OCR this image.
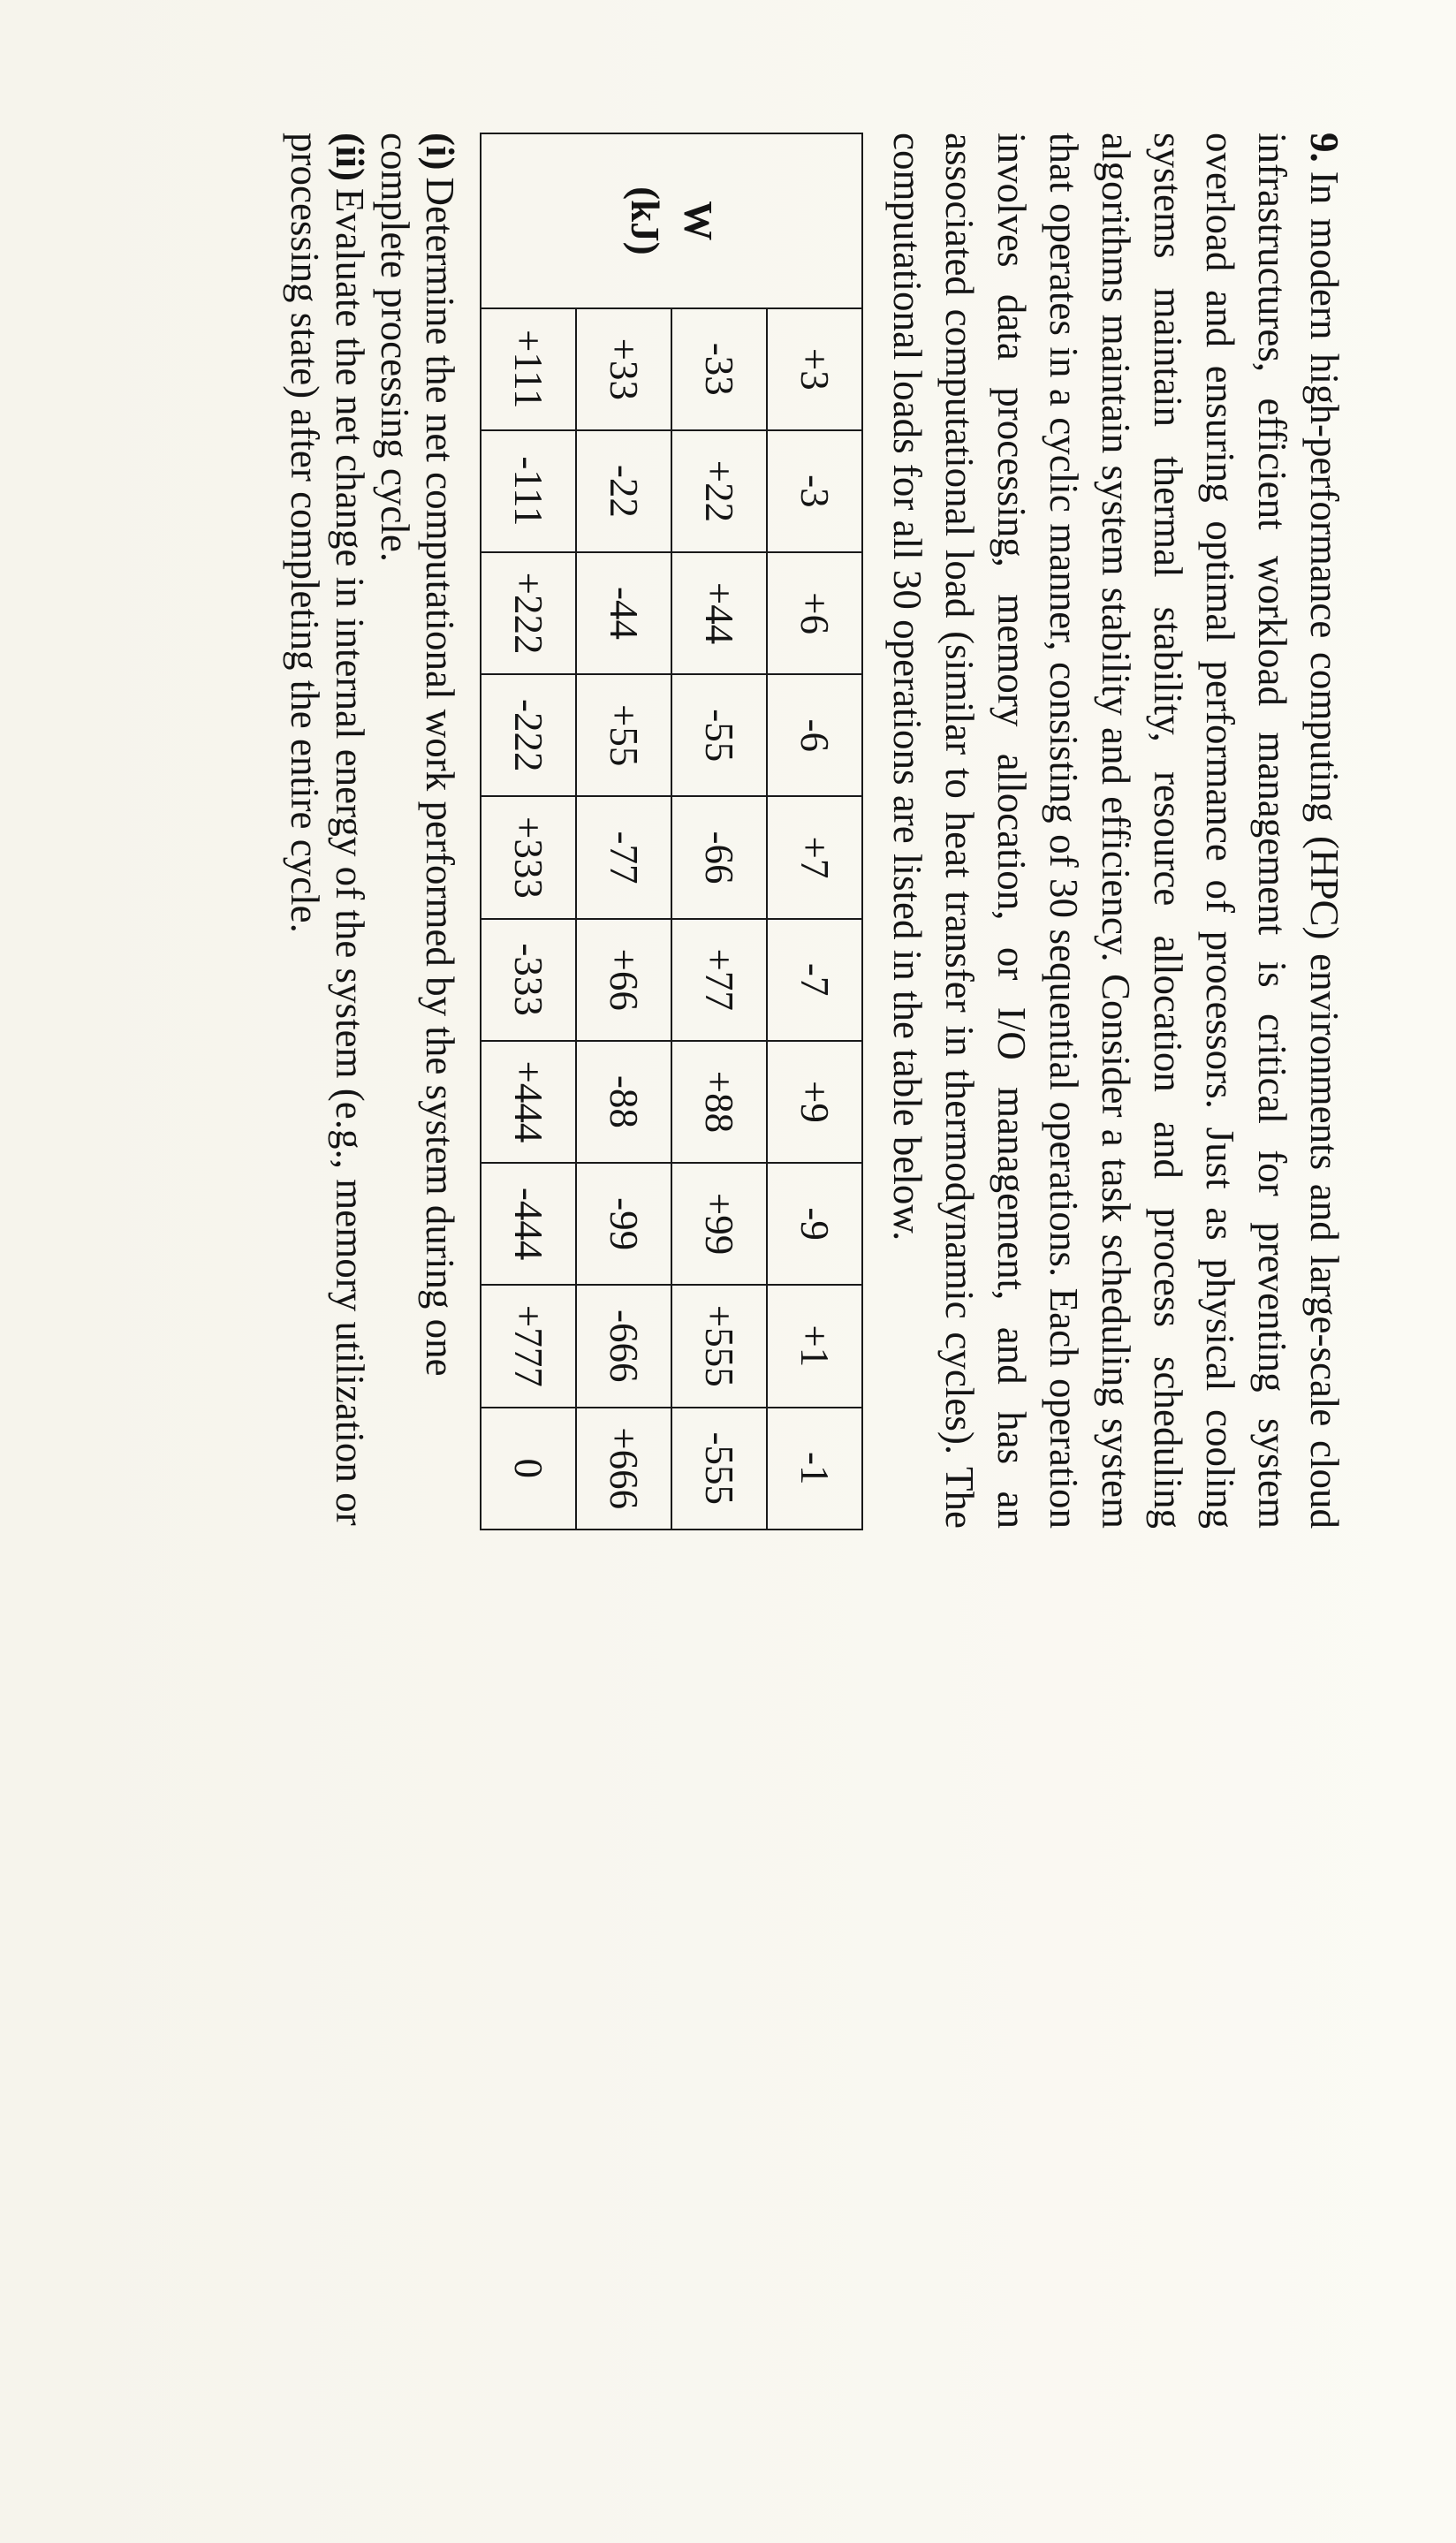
9.In modern high-performance computing (HPC) environments and large-scale cloud infrastructures, efficient workload management is critical for preventing system overload and ensuring optimal performance of processors. Just as physical cooling systems maintain thermal stability, resource allocation and process scheduling algorithms maintain system stability and efficiency. Consider a task scheduling system that operates in a cyclic manner, consisting of 30 sequential operations. Each operation involves data processing, memory allocation, or I/O management, and has an associated computational load (similar to heat transfer in thermodynamic cycles). The computational loads for all 30 operations are listed in the table below.

W
(kJ)	+3	-3	+6	-6	+7	-7	+9	-9	+1	-1
	-33	+22	+44	-55	-66	+77	+88	+99	+555	-555
	+33	-22	-44	+55	-77	+66	-88	-99	-666	+666
	+111	-111	+222	-222	+333	-333	+444	-444	+777	0

(i)Determine the net computational work performed by the system during one complete processing cycle.

(ii)Evaluate the net change in internal energy of the system (e.g., memory utilization or processing state) after completing the entire cycle.
